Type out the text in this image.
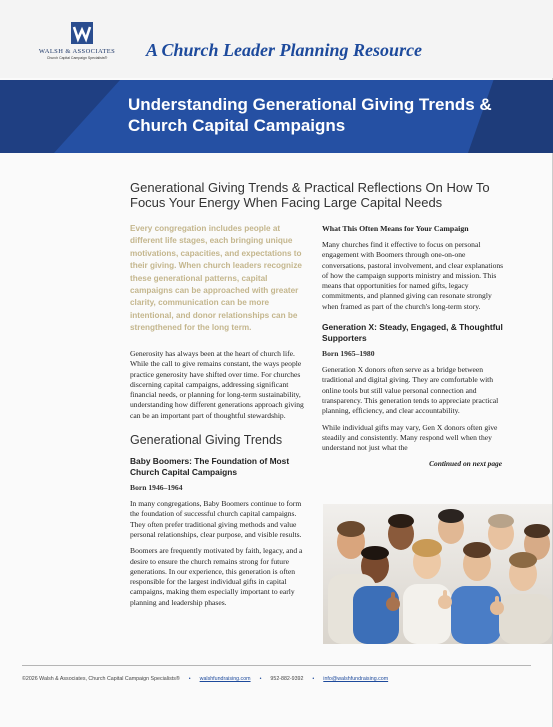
WALSH & ASSOCIATES
Church Capital Campaign Specialists®	A Church Leader Planning Resource
Understanding Generational Giving Trends & Church Capital Campaigns
Generational Giving Trends & Practical Reflections On How To Focus Your Energy When Facing Large Capital Needs
Every congregation includes people at different life stages, each bringing unique motivations, capacities, and expectations to their giving. When church leaders recognize these generational patterns, capital campaigns can be approached with greater clarity, communication can be more intentional, and donor relationships can be strengthened for the long term.

Generosity has always been at the heart of church life. While the call to give remains constant, the ways people practice generosity have shifted over time. For churches discerning capital campaigns, addressing significant financial needs, or planning for long-term sustainability, understanding how different generations approach giving can be an important part of thoughtful stewardship.

Generational Giving Trends
Baby Boomers: The Foundation of Most Church Capital Campaigns
Born 1946–1964

In many congregations, Baby Boomers continue to form the foundation of successful church capital campaigns. They often prefer traditional giving methods and value personal relationships, clear purpose, and visible results.

Boomers are frequently motivated by faith, legacy, and a desire to ensure the church remains strong for future generations. In our experience, this generation is often responsible for the largest individual gifts in capital campaigns, making them especially important to early planning and leadership phases.

What This Often Means for Your Campaign

Many churches find it effective to focus on personal engagement with Boomers through one-on-one conversations, pastoral involvement, and clear explanations of how the campaign supports ministry and mission. This means that opportunities for named gifts, legacy commitments, and planned giving can resonate strongly when framed as part of the church's long-term story.

Generation X: Steady, Engaged, & Thoughtful Supporters
Born 1965–1980

Generation X donors often serve as a bridge between traditional and digital giving. They are comfortable with online tools but still value personal connection and transparency. This generation tends to appreciate practical planning, efficiency, and clear accountability.

While individual gifts may vary, Gen X donors often give steadily and consistently. Many respond well when they understand not just what the

Continued on next page
©2026 Walsh & Associates, Church Capital Campaign Specialists® • walshfundraising.com • 952-882-9392 • info@walshfundraising.com
